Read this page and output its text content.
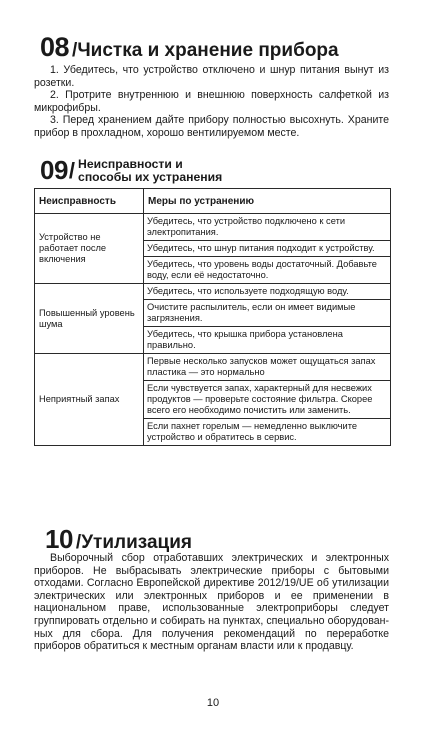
08 /Чистка и хранение прибора

1. Убедитесь, что устройство отключено и шнур питания вынут из розетки.

2. Протрите внутреннюю и внешнюю поверхность салфеткой из микрофибры.

3. Перед хранением дайте прибору полностью высохнуть. Храните прибор в прохладном, хорошо вентилируемом месте.

09 / Неисправности и
способы их устранения
Неисправность	Меры по устранению
Устройство не работает после включения	Убедитесь, что устройство подключено к сети электропитания.
	Убедитесь, что шнур питания подходит к устройству.
	Убедитесь, что уровень воды достаточный. Добавьте воду, если её недостаточно.
Повышенный уровень шума	Убедитесь, что используете подходящую воду.
	Очистите распылитель, если он имеет видимые загрязнения.
	Убедитесь, что крышка прибора установлена правильно.
Неприятный запах	Первые несколько запусков может ощущаться запах пластика — это нормально
	Если чувствуется запах, характерный для несвежих продуктов — проверьте состояние фильтра. Скорее всего его необходимо почистить или заменить.
	Если пахнет горелым — немедленно выключите устройство и обратитесь в сервис.
10 /Утилизация

Выборочный сбор отработавших электрических и электронных приборов. Не выбрасывать электрические приборы с бытовыми отходами. Согласно Европейской директиве 2012/19/UE об утилизации электрических или электронных приборов и ее применении в национальном праве, использованные электроприборы следует группировать отдельно и собирать на пунктах, специально оборудованных для сбора. Для получения рекомендаций по переработке приборов обратиться к местным органам власти или к продавцу.

10
